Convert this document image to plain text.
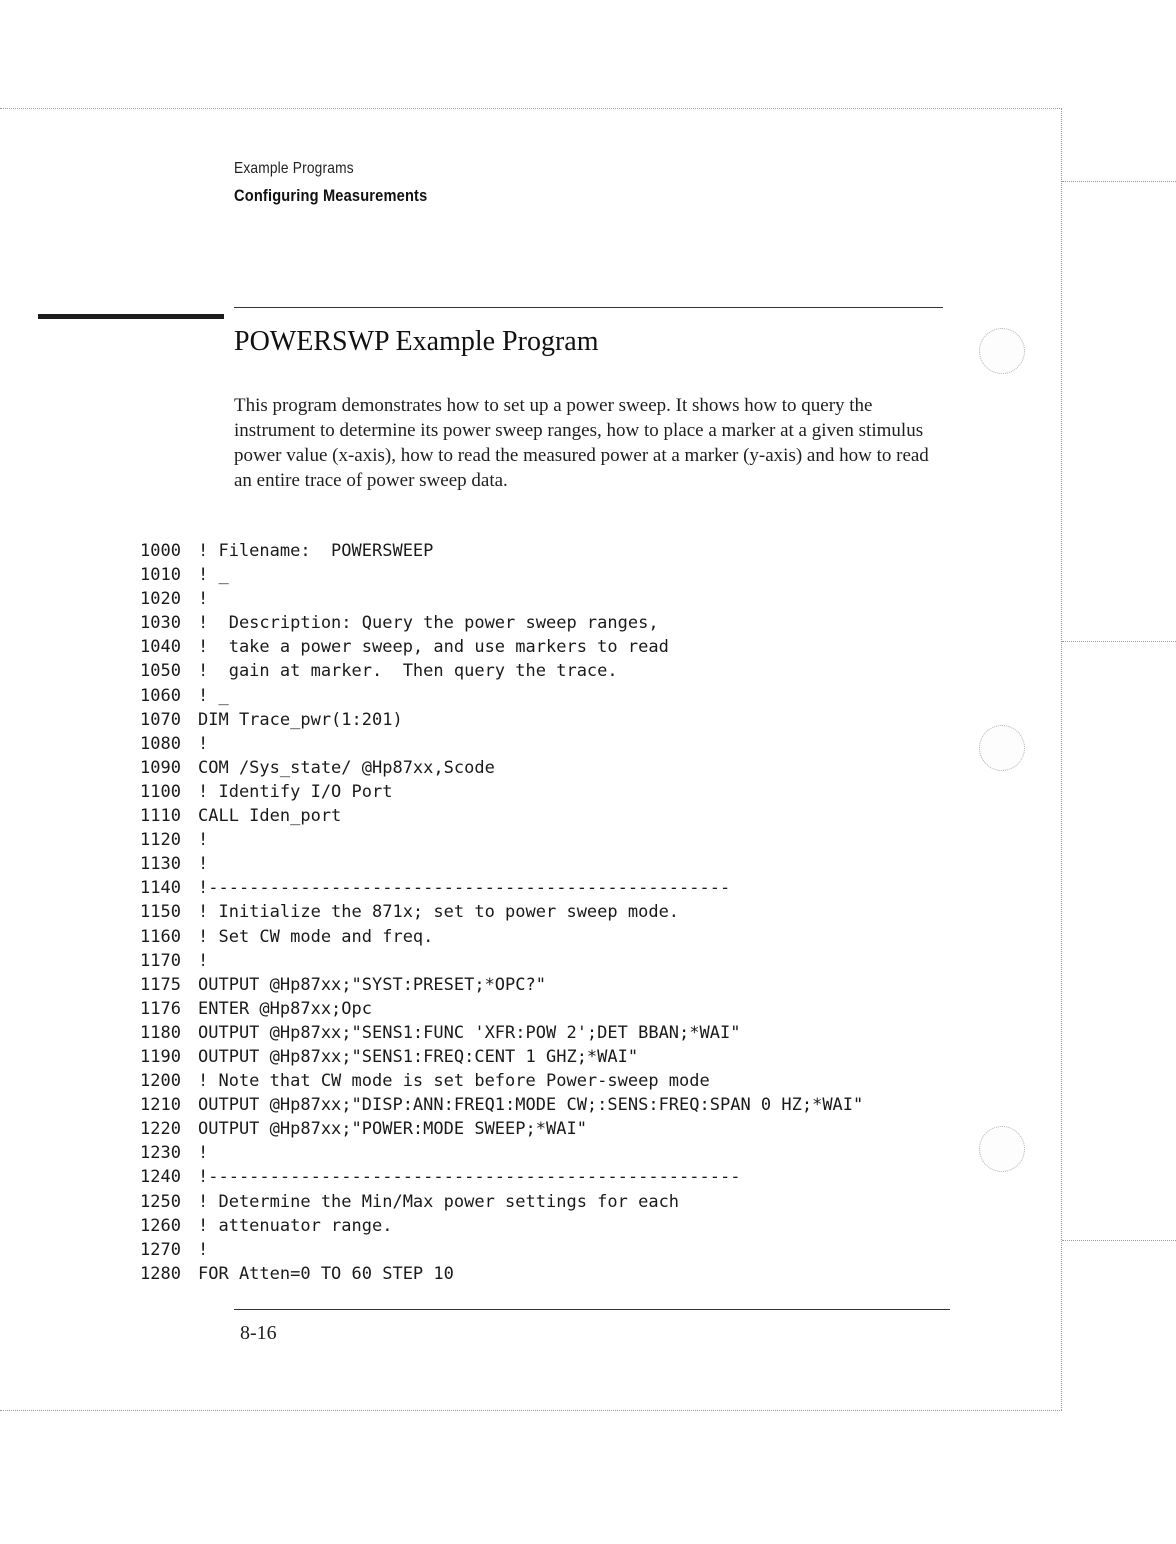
Example Programs
Configuring Measurements
POWERSWP Example Program

This program demonstrates how to set up a power sweep. It shows how to query the instrument to determine its power sweep ranges, how to place a marker at a given stimulus power value (x-axis), how to read the measured power at a marker (y-axis) and how to read an entire trace of power sweep data.

1000 ! Filename:  POWERSWEEP
1010 ! _
1020 !
1030 !  Description: Query the power sweep ranges,
1040 !  take a power sweep, and use markers to read
1050 !  gain at marker.  Then query the trace.
1060 ! _
1070 DIM Trace_pwr(1:201)
1080 !
1090 COM /Sys_state/ @Hp87xx,Scode
1100 ! Identify I/O Port
1110 CALL Iden_port
1120 !
1130 !
1140 !---------------------------------------------------
1150 ! Initialize the 871x; set to power sweep mode.
1160 ! Set CW mode and freq.
1170 !
1175 OUTPUT @Hp87xx;"SYST:PRESET;*OPC?"
1176 ENTER @Hp87xx;Opc
1180 OUTPUT @Hp87xx;"SENS1:FUNC 'XFR:POW 2';DET BBAN;*WAI"
1190 OUTPUT @Hp87xx;"SENS1:FREQ:CENT 1 GHZ;*WAI"
1200 ! Note that CW mode is set before Power-sweep mode
1210 OUTPUT @Hp87xx;"DISP:ANN:FREQ1:MODE CW;:SENS:FREQ:SPAN 0 HZ;*WAI"
1220 OUTPUT @Hp87xx;"POWER:MODE SWEEP;*WAI"
1230 !
1240 !----------------------------------------------------
1250 ! Determine the Min/Max power settings for each
1260 ! attenuator range.
1270 !
1280 FOR Atten=0 TO 60 STEP 10
8-16
